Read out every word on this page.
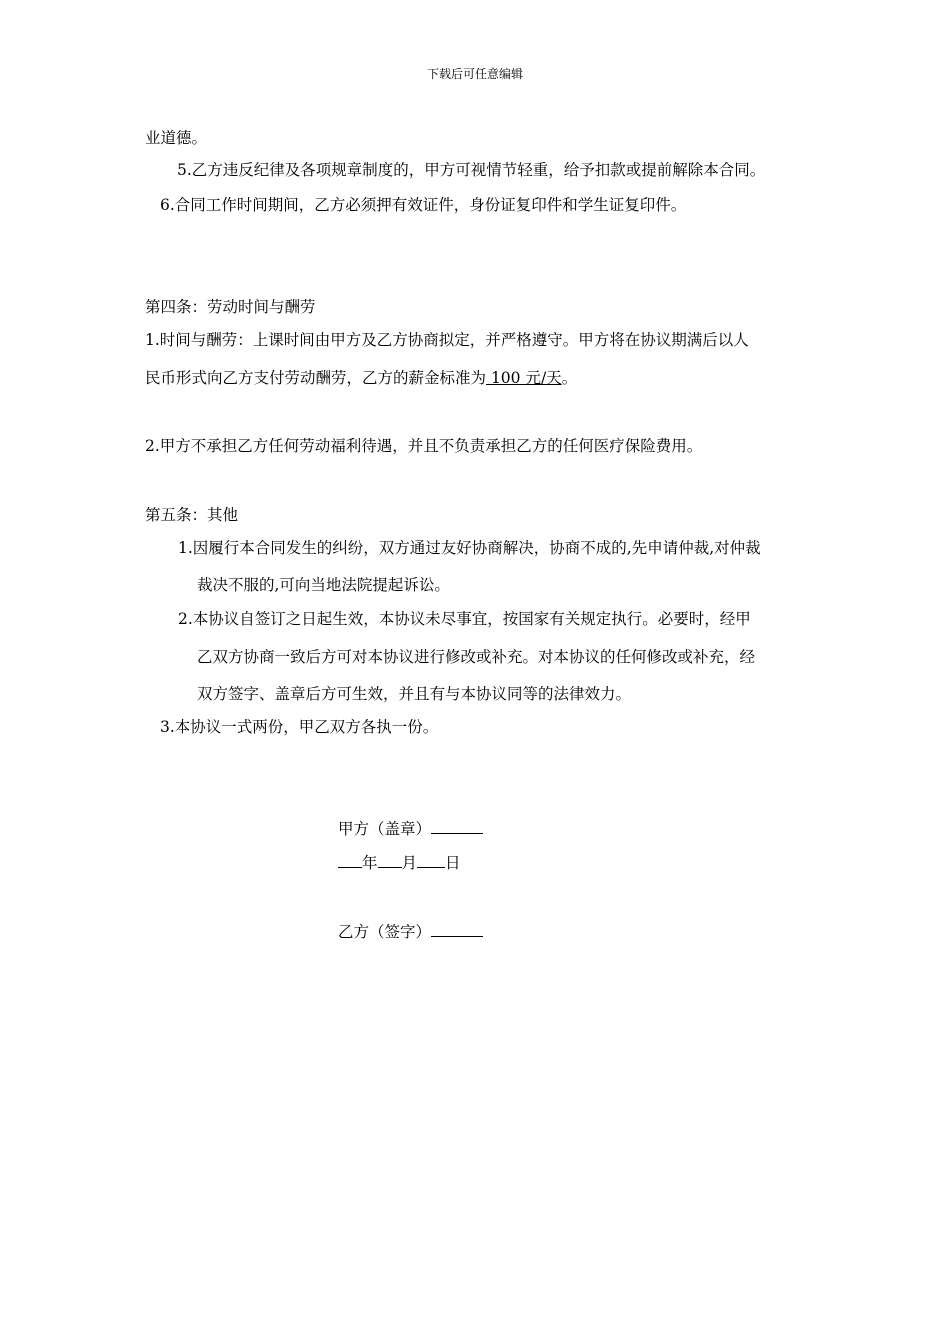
下载后可任意编辑
业道德。
5.乙方违反纪律及各项规章制度的，甲方可视情节轻重，给予扣款或提前解除本合同。
6.合同工作时间期间，乙方必须押有效证件，身份证复印件和学生证复印件。
第四条：劳动时间与酬劳
1.时间与酬劳：上课时间由甲方及乙方协商拟定，并严格遵守。甲方将在协议期满后以人
民币形式向乙方支付劳动酬劳，乙方的薪金标准为 100 元/天。
2.甲方不承担乙方任何劳动福利待遇，并且不负责承担乙方的任何医疗保险费用。
第五条：其他
1.因履行本合同发生的纠纷，双方通过友好协商解决，协商不成的,先申请仲裁,对仲裁
裁决不服的,可向当地法院提起诉讼。
2.本协议自签订之日起生效，本协议未尽事宜，按国家有关规定执行。必要时，经甲
乙双方协商一致后方可对本协议进行修改或补充。对本协议的任何修改或补充，经
双方签字、盖章后方可生效，并且有与本协议同等的法律效力。
3.本协议一式两份，甲乙双方各执一份。
甲方（盖章）
年 月 日
乙方（签字）
